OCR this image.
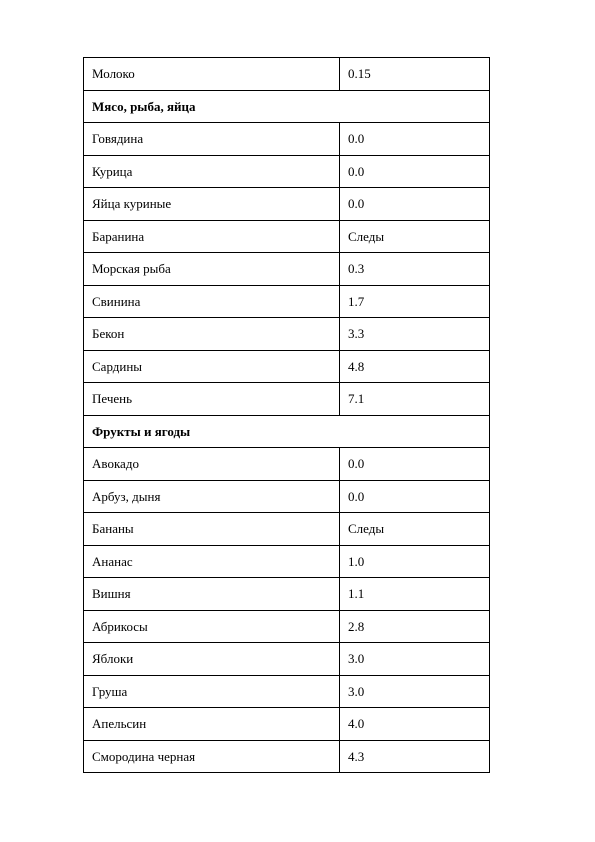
Молоко	0.15
Мясо, рыба, яйца	
Говядина	0.0
Курица	0.0
Яйца куриные	0.0
Баранина	Следы
Морская рыба	0.3
Свинина	1.7
Бекон	3.3
Сардины	4.8
Печень	7.1
Фрукты и ягоды	
Авокадо	0.0
Арбуз, дыня	0.0
Бананы	Следы
Ананас	1.0
Вишня	1.1
Абрикосы	2.8
Яблоки	3.0
Груша	3.0
Апельсин	4.0
Смородина черная	4.3
